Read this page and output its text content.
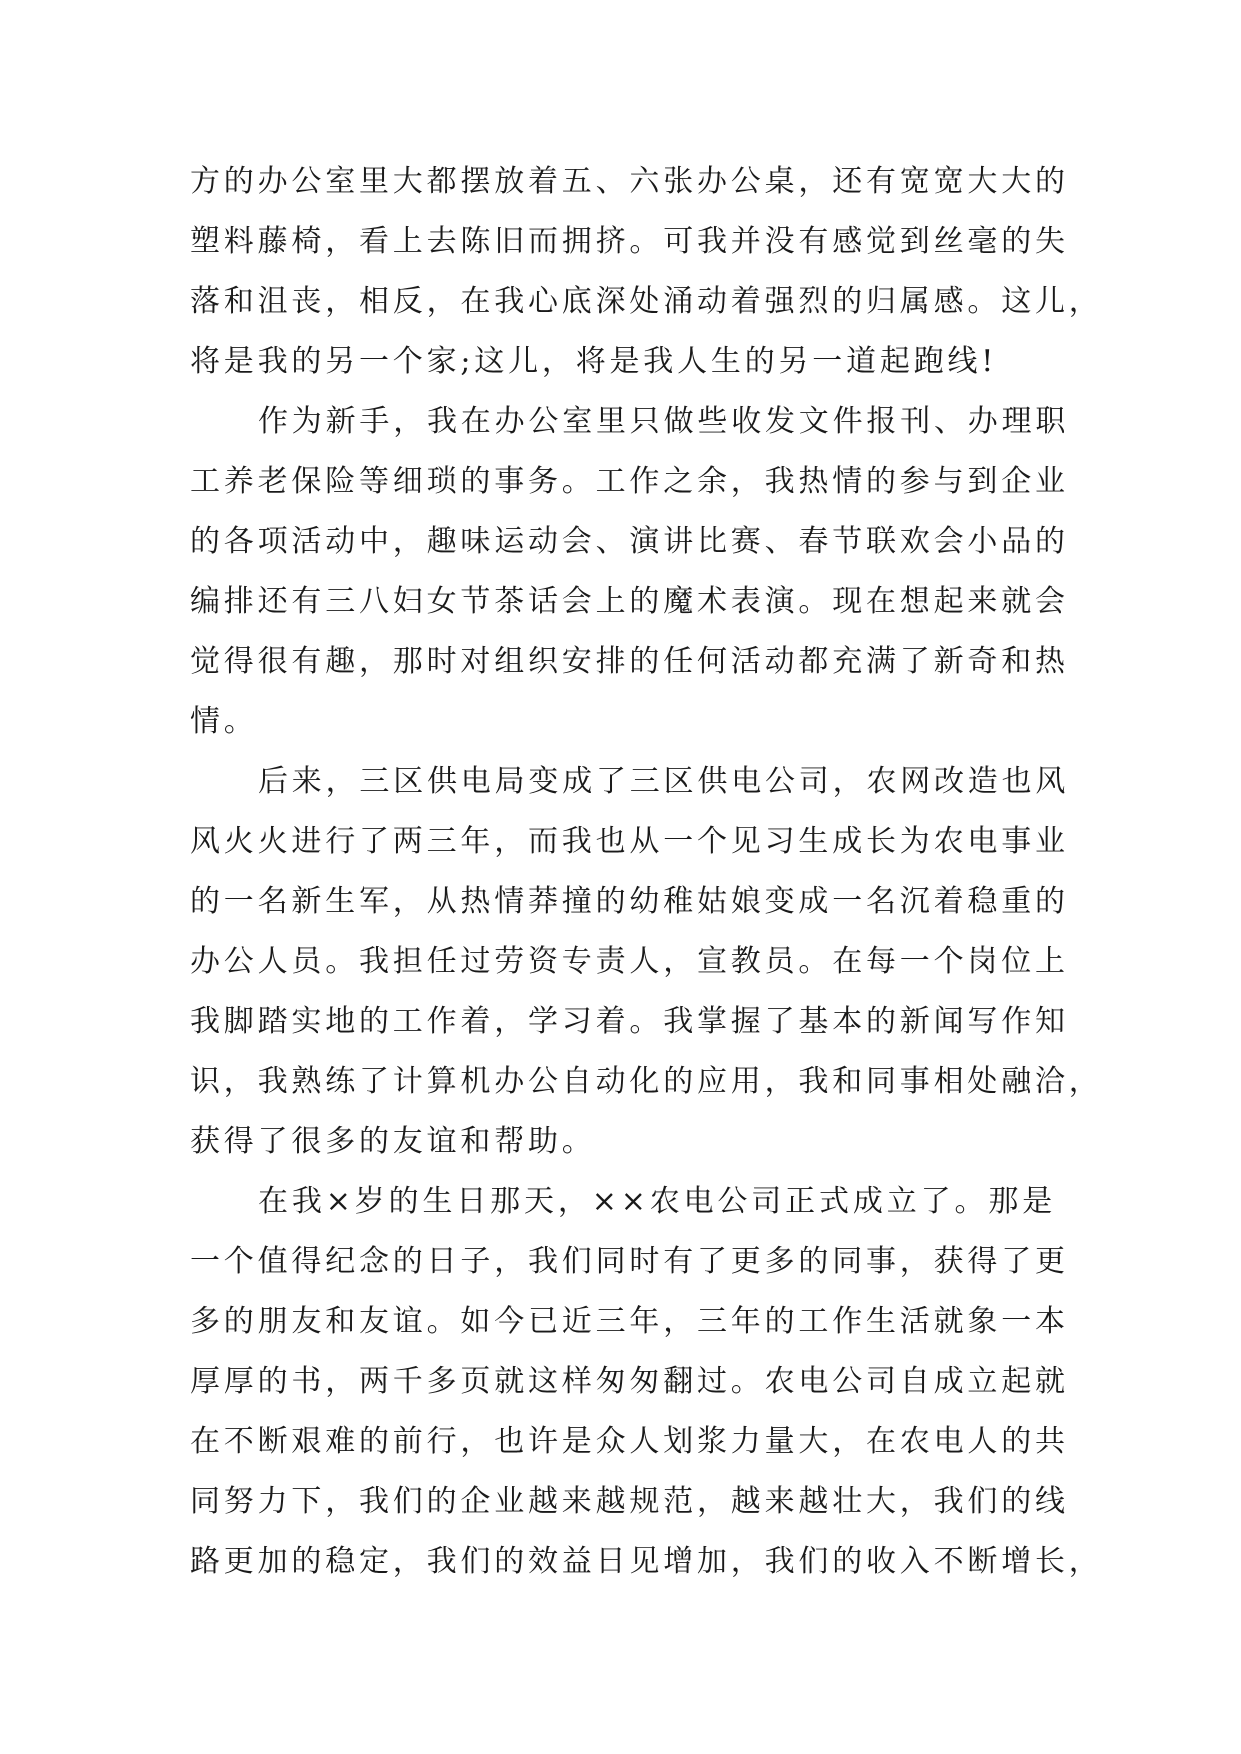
方的办公室里大都摆放着五、六张办公桌，还有宽宽大大的
塑料藤椅，看上去陈旧而拥挤。可我并没有感觉到丝毫的失
落和沮丧，相反，在我心底深处涌动着强烈的归属感。这儿，
将是我的另一个家;这儿，将是我人生的另一道起跑线!
作为新手，我在办公室里只做些收发文件报刊、办理职
工养老保险等细琐的事务。工作之余，我热情的参与到企业
的各项活动中，趣味运动会、演讲比赛、春节联欢会小品的
编排还有三八妇女节茶话会上的魔术表演。现在想起来就会
觉得很有趣，那时对组织安排的任何活动都充满了新奇和热
情。
后来，三区供电局变成了三区供电公司，农网改造也风
风火火进行了两三年，而我也从一个见习生成长为农电事业
的一名新生军，从热情莽撞的幼稚姑娘变成一名沉着稳重的
办公人员。我担任过劳资专责人，宣教员。在每一个岗位上
我脚踏实地的工作着，学习着。我掌握了基本的新闻写作知
识，我熟练了计算机办公自动化的应用，我和同事相处融洽，
获得了很多的友谊和帮助。
在我×岁的生日那天，××农电公司正式成立了。那是
一个值得纪念的日子，我们同时有了更多的同事，获得了更
多的朋友和友谊。如今已近三年，三年的工作生活就象一本
厚厚的书，两千多页就这样匆匆翻过。农电公司自成立起就
在不断艰难的前行，也许是众人划浆力量大，在农电人的共
同努力下，我们的企业越来越规范，越来越壮大，我们的线
路更加的稳定，我们的效益日见增加，我们的收入不断增长，
